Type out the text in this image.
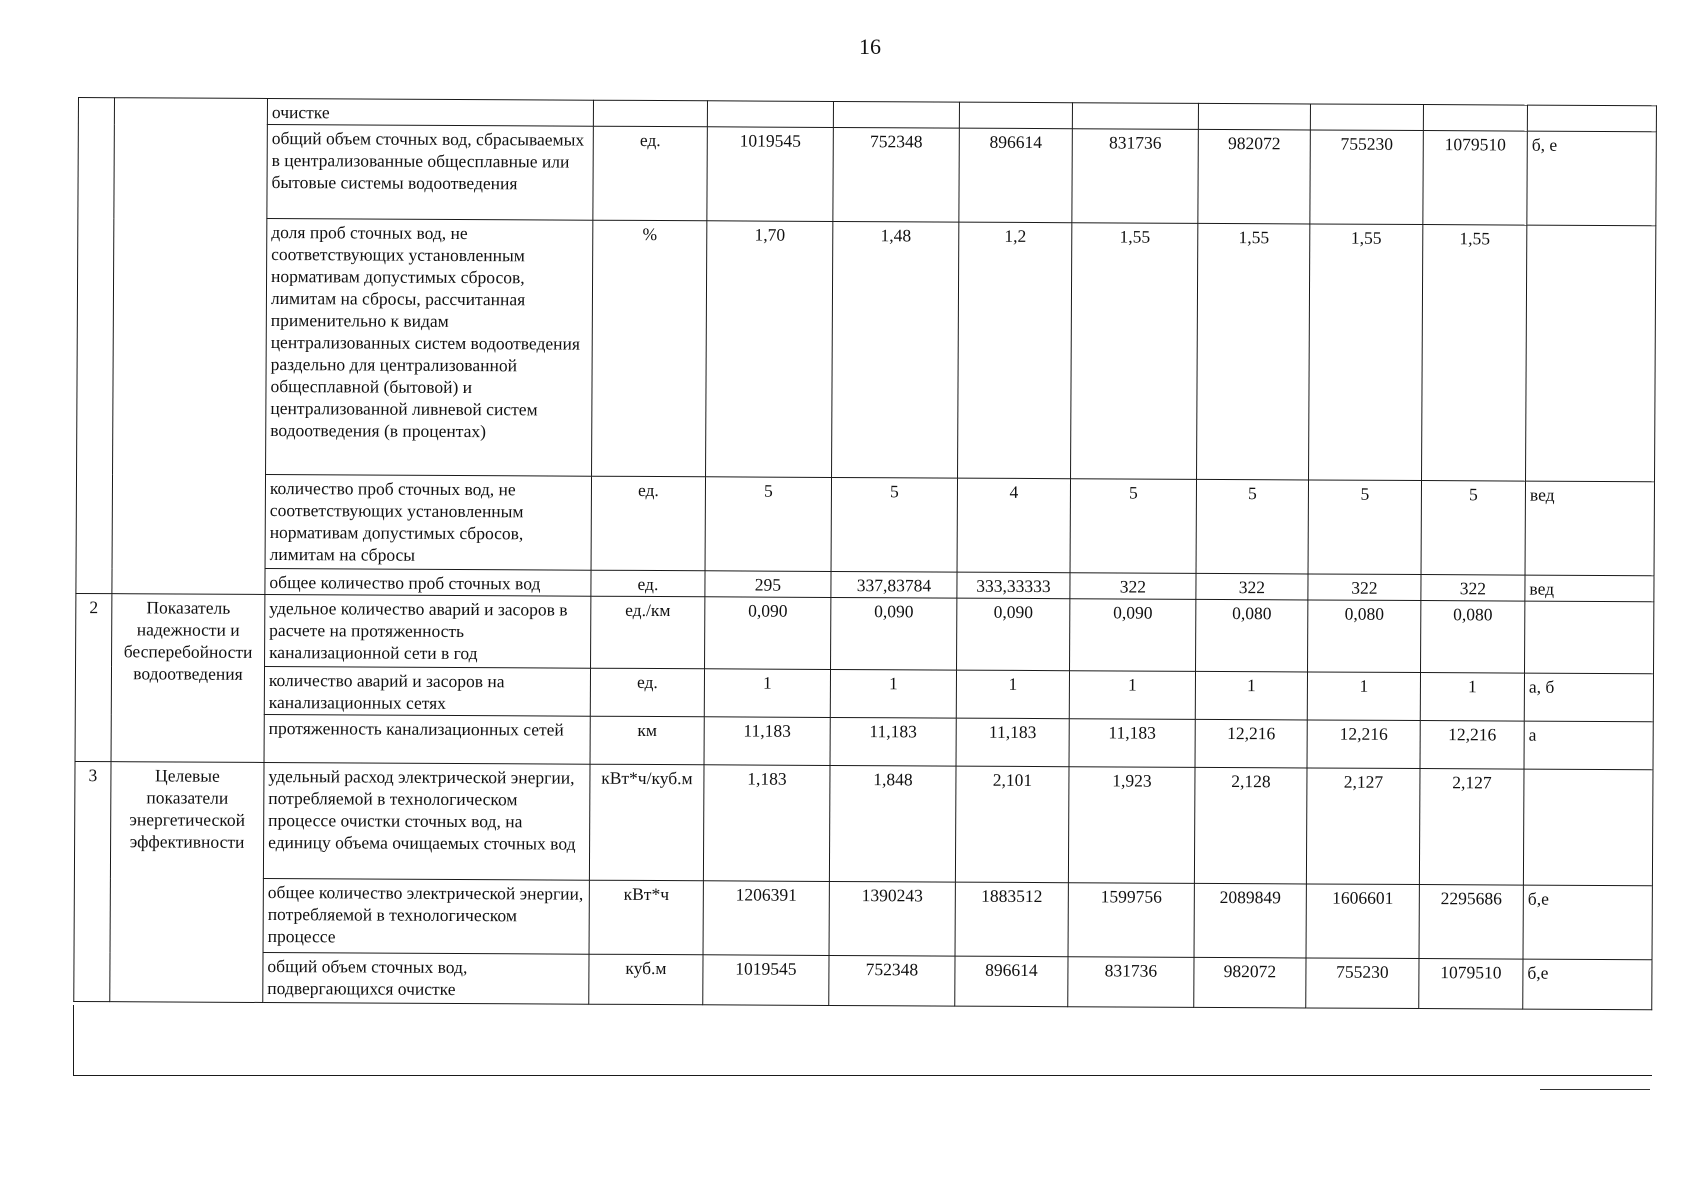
16
		очистке									
		общий объем сточных вод, сбрасываемых в централизованные общесплавные или бытовые системы водоотведения	ед.	1019545	752348	896614	831736	982072	755230	1079510	б, е
		доля проб сточных вод, не соответствующих установленным нормативам допустимых сбросов, лимитам на сбросы, рассчитанная применительно к видам централизованных систем водоотведения раздельно для централизованной общесплавной (бытовой) и централизованной ливневой систем водоотведения (в процентах)	%	1,70	1,48	1,2	1,55	1,55	1,55	1,55	
		количество проб сточных вод, не соответствующих установленным нормативам допустимых сбросов, лимитам на сбросы	ед.	5	5	4	5	5	5	5	вед
		общее количество проб сточных вод	ед.	295	337,83784	333,33333	322	322	322	322	вед
2	Показатель надежности и бесперебойности водоотведения	удельное количество аварий и засоров в расчете на протяженность канализационной сети в год	ед./км	0,090	0,090	0,090	0,090	0,080	0,080	0,080	
		количество аварий и засоров на канализационных сетях	ед.	1	1	1	1	1	1	1	а, б
		протяженность канализационных сетей	км	11,183	11,183	11,183	11,183	12,216	12,216	12,216	а
3	Целевые показатели энергетической эффективности	удельный расход электрической энергии, потребляемой в технологическом процессе очистки сточных вод, на единицу объема очищаемых сточных вод	кВт*ч/куб.м	1,183	1,848	2,101	1,923	2,128	2,127	2,127	
		общее количество электрической энергии, потребляемой в технологическом процессе	кВт*ч	1206391	1390243	1883512	1599756	2089849	1606601	2295686	б,е
		общий объем сточных вод, подвергающихся очистке	куб.м	1019545	752348	896614	831736	982072	755230	1079510	б,е
